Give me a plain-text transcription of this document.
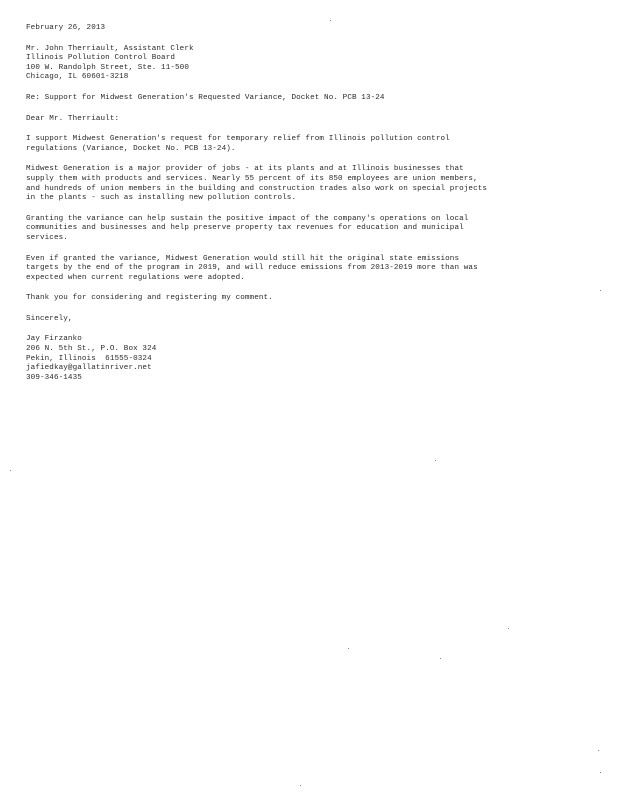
February 26, 2013
Mr. John Therriault, Assistant Clerk
Illinois Pollution Control Board
100 W. Randolph Street, Ste. 11-500
Chicago, IL 60601-3218
Re: Support for Midwest Generation's Requested Variance, Docket No. PCB 13-24
Dear Mr. Therriault:
I support Midwest Generation's request for temporary relief from Illinois pollution control
regulations (Variance, Docket No. PCB 13-24).
Midwest Generation is a major provider of jobs - at its plants and at Illinois businesses that
supply them with products and services. Nearly 55 percent of its 850 employees are union members,
and hundreds of union members in the building and construction trades also work on special projects
in the plants - such as installing new pollution controls.
Granting the variance can help sustain the positive impact of the company's operations on local
communities and businesses and help preserve property tax revenues for education and municipal
services.
Even if granted the variance, Midwest Generation would still hit the original state emissions
targets by the end of the program in 2019, and will reduce emissions from 2013-2019 more than was
expected when current regulations were adopted.
Thank you for considering and registering my comment.
Sincerely,
Jay Firzanko
206 N. 5th St., P.O. Box 324
Pekin, Illinois  61555-0324
jafiedkay@gallatinriver.net
309-346-1435
